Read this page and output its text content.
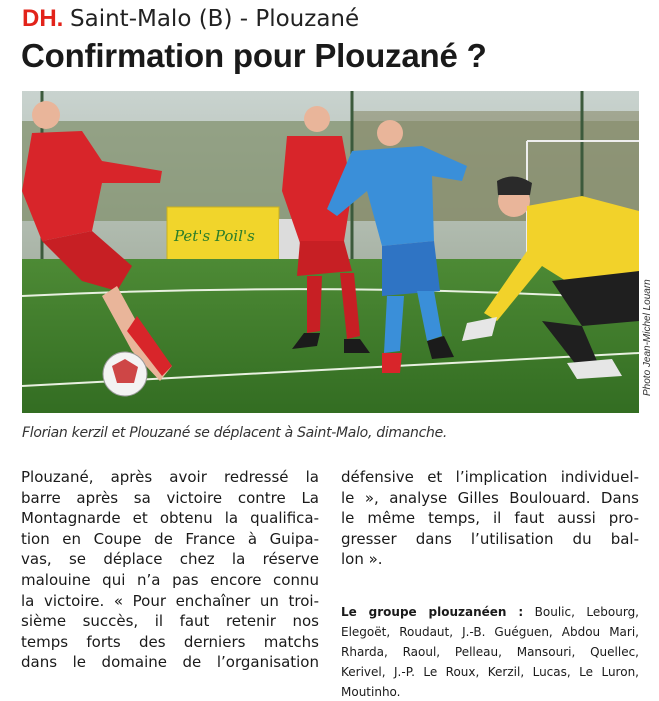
DH. Saint-Malo (B) - Plouzané
Confirmation pour Plouzané ?
Pet's Poil's
Photo Jean-Michel Louarn

Florian kerzil et Plouzané se déplacent à Saint-Malo, dimanche.

Plouzané, après avoir redressé la
barre après sa victoire contre La
Montagnarde et obtenu la qualifica-
tion en Coupe de France à Guipa-
vas, se déplace chez la réserve
malouine qui n’a pas encore connu
la victoire. « Pour enchaîner un troi-
sième succès, il faut retenir nos
temps forts des derniers matchs
dans le domaine de l’organisation
défensive et l’implication individuel-
le », analyse Gilles Boulouard. Dans
le même temps, il faut aussi pro-
gresser dans l’utilisation du bal-
lon ».
Le groupe plouzanéen : Boulic, Lebourg,
Elegoët, Roudaut, J.-B. Guéguen, Abdou Mari,
Rharda, Raoul, Pelleau, Mansouri, Quellec,
Kerivel, J.-P. Le Roux, Kerzil, Lucas, Le Luron,
Moutinho.
